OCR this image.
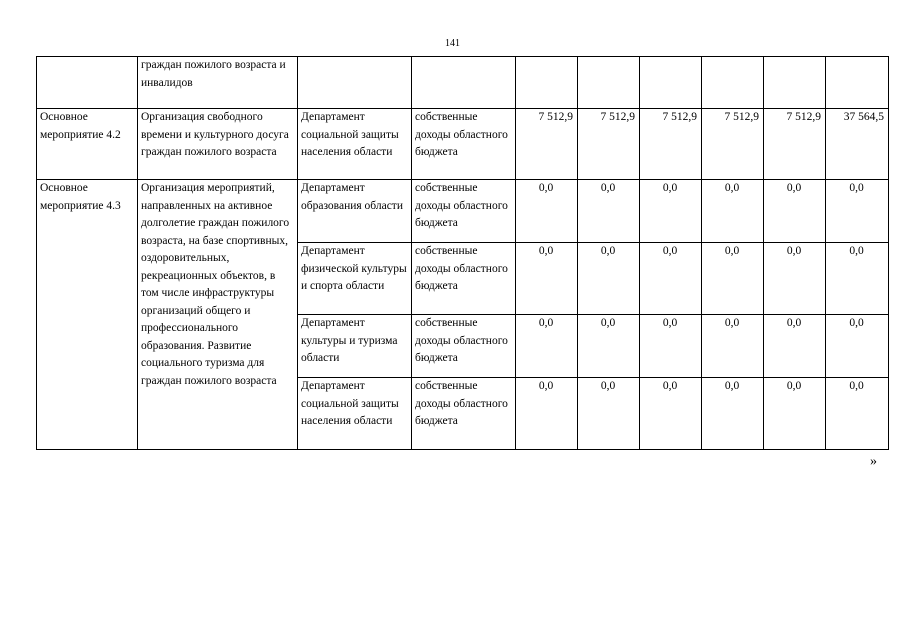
141
	граждан пожилого возраста и инвалидов								
Основное мероприятие 4.2	Организация свободного времени и культурного досуга граждан пожилого возраста	Департамент социальной защиты населения области	собственные доходы областного бюджета	7 512,9	7 512,9	7 512,9	7 512,9	7 512,9	37 564,5
Основное мероприятие 4.3	Организация мероприятий, направленных на активное долголетие граждан пожилого возраста, на базе спортивных, оздоровительных, рекреационных объектов, в том числе инфраструктуры организаций общего и профессионального образования. Развитие социального туризма для граждан пожилого возраста	Департамент образования области	собственные доходы областного бюджета	0,0	0,0	0,0	0,0	0,0	0,0
		Департамент физической культуры и спорта области	собственные доходы областного бюджета	0,0	0,0	0,0	0,0	0,0	0,0
		Департамент культуры и туризма области	собственные доходы областного бюджета	0,0	0,0	0,0	0,0	0,0	0,0
		Департамент социальной защиты населения области	собственные доходы областного бюджета	0,0	0,0	0,0	0,0	0,0	0,0
»
